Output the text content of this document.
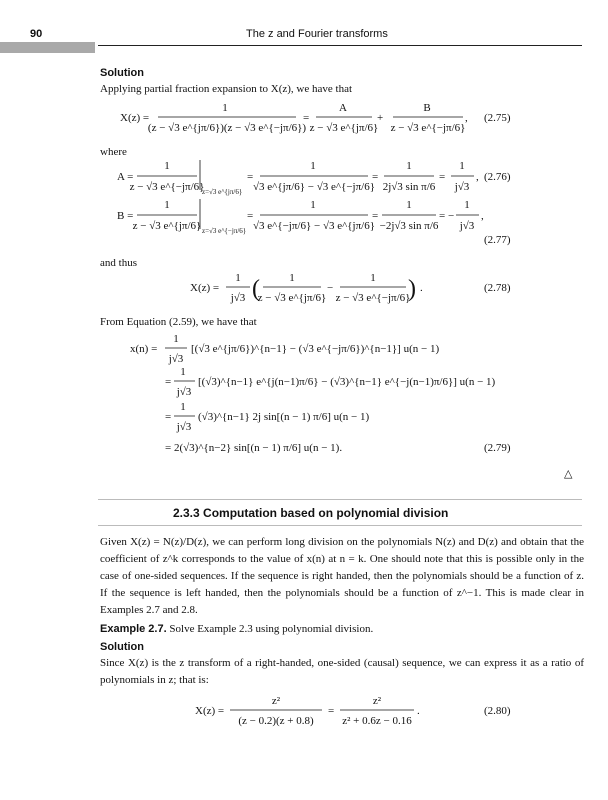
90	The z and Fourier transforms
Solution
Applying partial fraction expansion to X(z), we have that
X(z) =
1
(z − √3 e^{jπ/6})(z − √3 e^{−jπ/6})
=
A
z − √3 e^{jπ/6}
+
B
z − √3 e^{−jπ/6}
, (2.75)
where
A =
1
z − √3 e^{−jπ/6}
z=√3 e^{jπ/6}
=
1
√3 e^{jπ/6} − √3 e^{−jπ/6}
=
1
2j√3 sin π/6
=
1
j√3
, (2.76)
B =
1
z − √3 e^{jπ/6} z=√3 e^{−jπ/6}
=
1
√3 e^{−jπ/6} − √3 e^{jπ/6}
=
1
−2j√3 sin π/6
= −
1
j√3
,
(2.77)
and thus
X(z) =
1
j√3 (	1
z − √3 e^{jπ/6}
−
1
z − √3 e^{−jπ/6}
) .	(2.78)
From Equation (2.59), we have that
x(n) =
1
j√3
[(√3 e^{jπ/6})^{n−1} − (√3 e^{−jπ/6})^{n−1}] u(n − 1)
=
1
j√3
[(√3)^{n−1} e^{j(n−1)π/6} − (√3)^{n−1} e^{−j(n−1)π/6}] u(n − 1)
=
1
j√3
(√3)^{n−1} 2j sin[(n − 1) π/6] u(n − 1)
= 2(√3)^{n−2} sin[(n − 1) π/6] u(n − 1).	(2.79)
X(z) =
z²
(z − 0.2)(z + 0.8)
=
z²
z² + 0.6z − 0.16
.	(2.80)
△
2.3.3 Computation based on polynomial division
Given X(z) = N(z)/D(z), we can perform long division on the polynomials N(z) and D(z) and obtain that the coefficient of z^k corresponds to the value of x(n) at n = k. One should note that this is possible only in the case of one-sided sequences. If the sequence is right handed, then the polynomials should be a function of z. If the sequence is left handed, then the polynomials should be a function of z^−1. This is made clear in Examples 2.7 and 2.8.
Example 2.7. Solve Example 2.3 using polynomial division.
Solution
Since X(z) is the z transform of a right-handed, one-sided (causal) sequence, we can express it as a ratio of polynomials in z; that is:
